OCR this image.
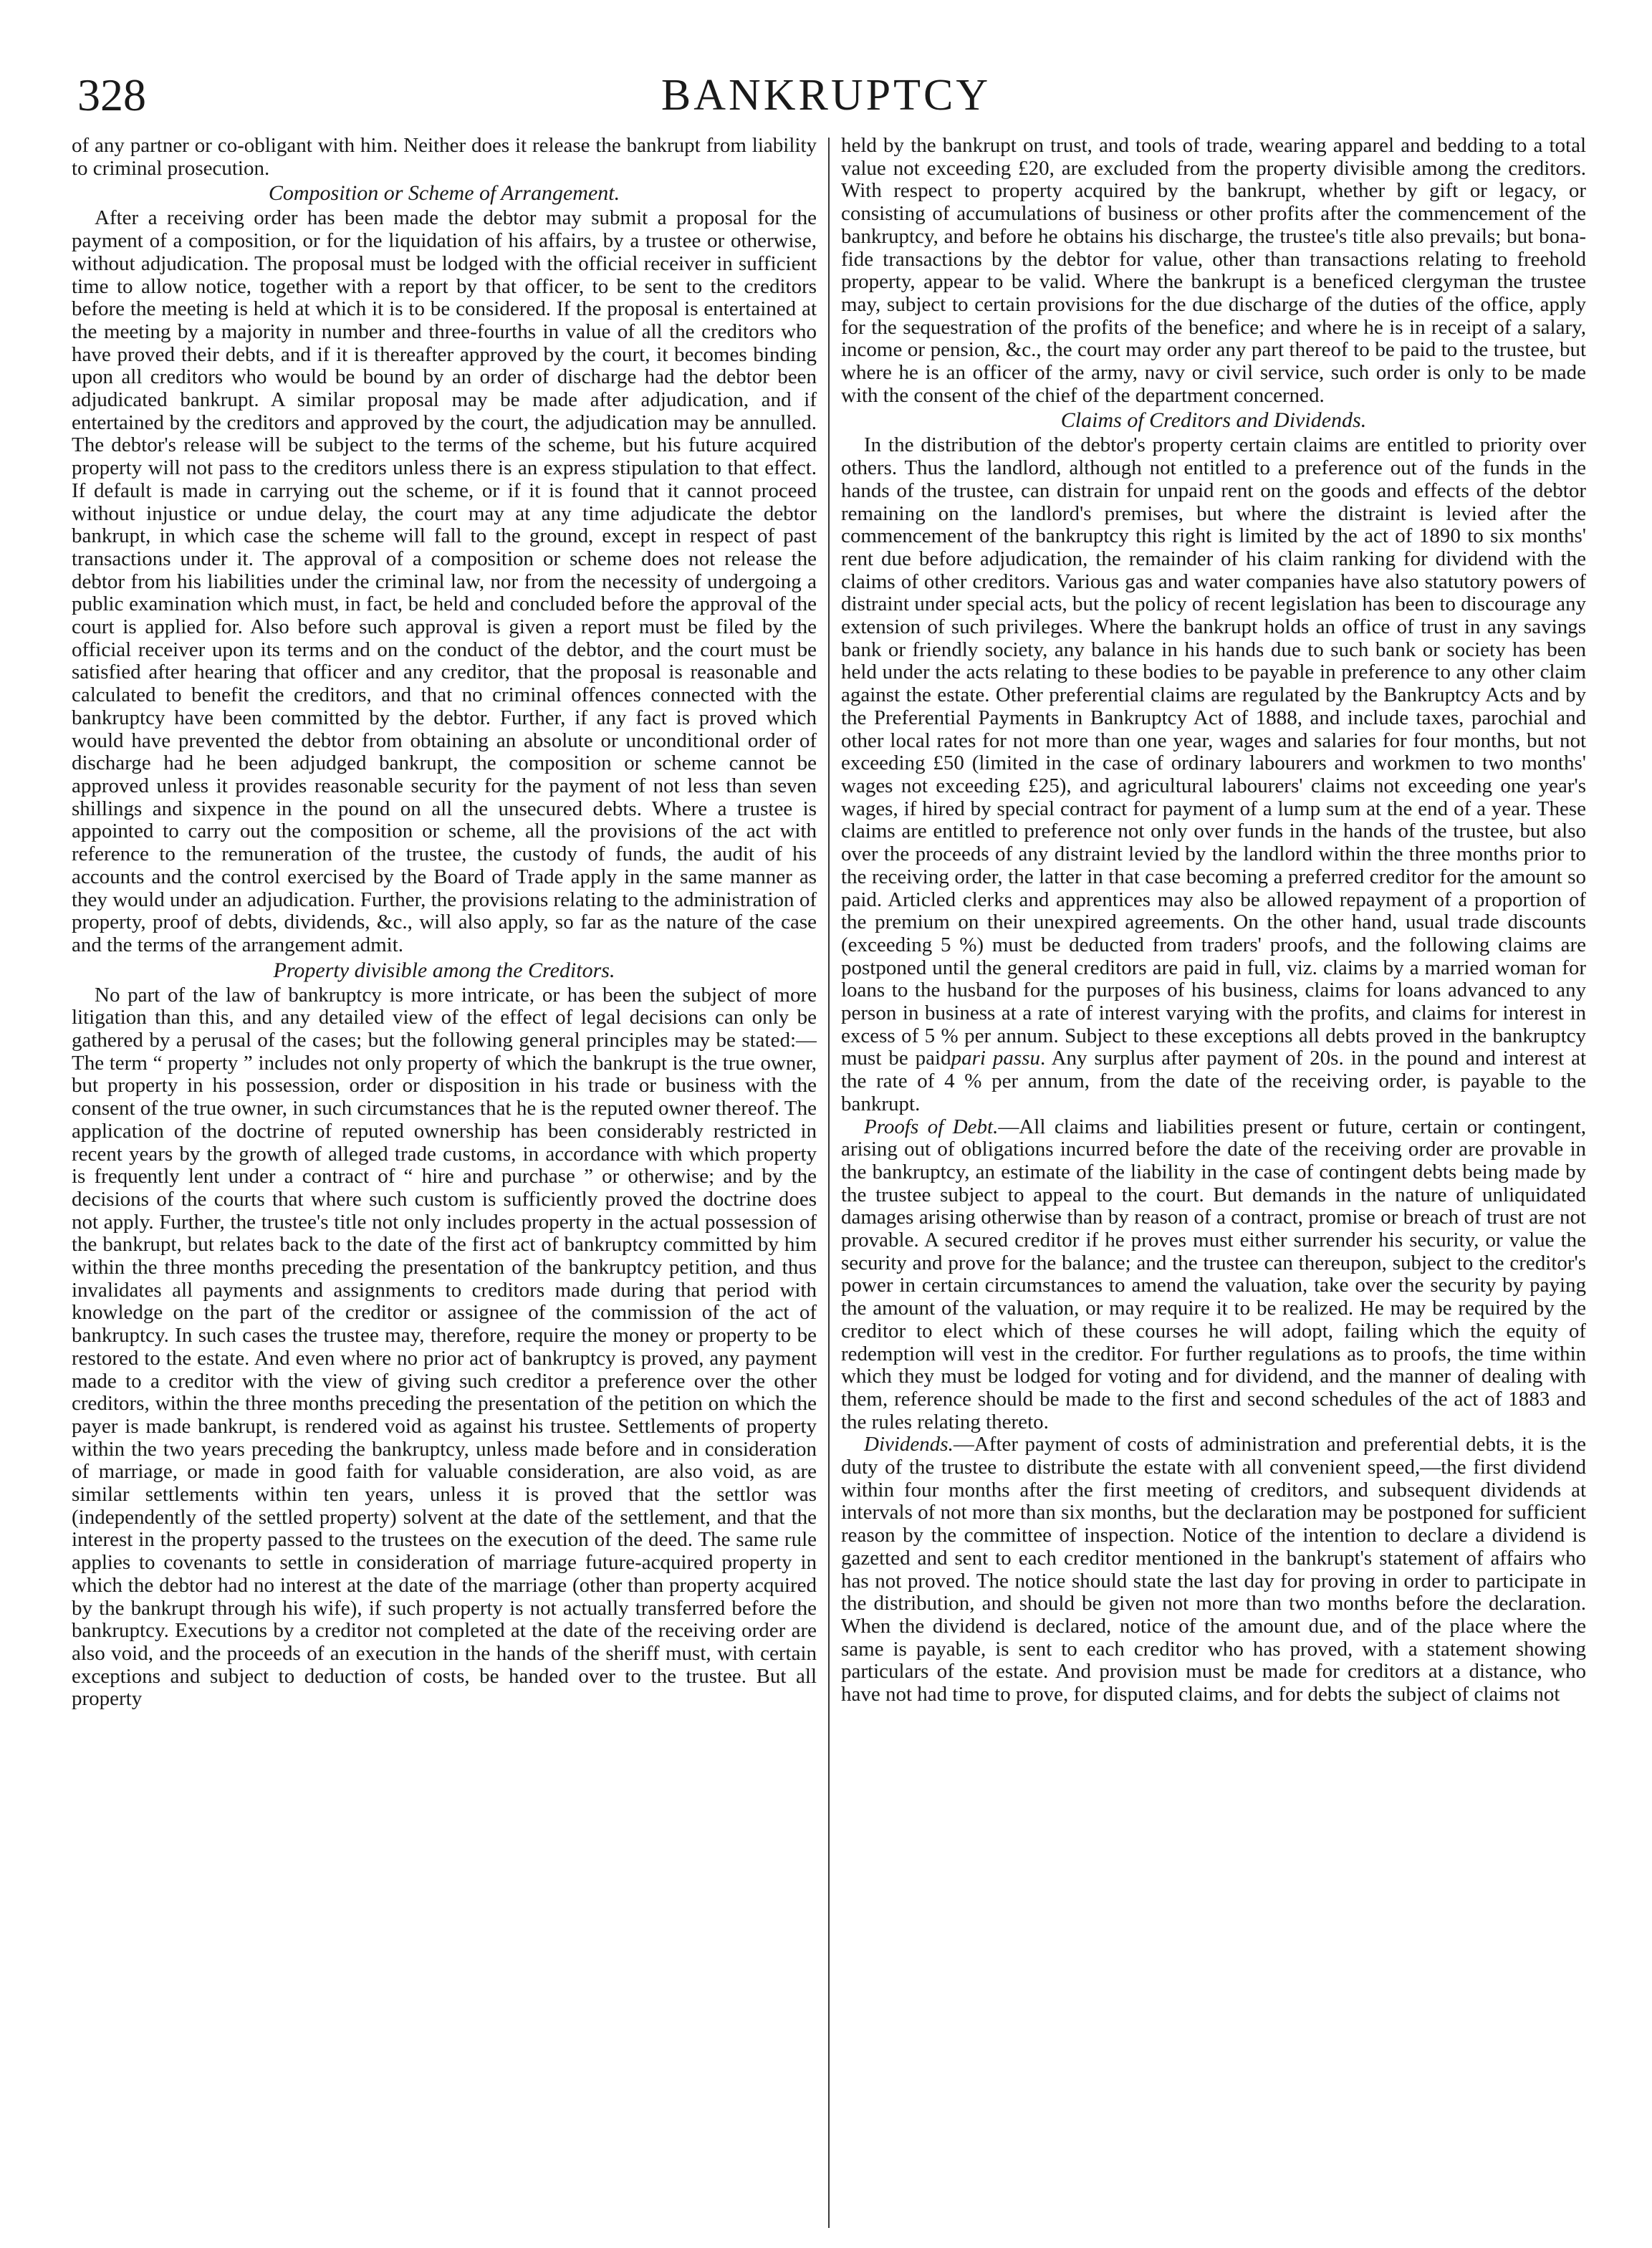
328	BANKRUPTCY

of any partner or co-obligant with him. Neither does it release the bankrupt from liability to criminal prosecution.

Composition or Scheme of Arrangement.

After a receiving order has been made the debtor may submit a proposal for the payment of a composition, or for the liquidation of his affairs, by a trustee or otherwise, without adjudication. The proposal must be lodged with the official receiver in sufficient time to allow notice, together with a report by that officer, to be sent to the creditors before the meeting is held at which it is to be considered. If the proposal is entertained at the meeting by a majority in number and three-fourths in value of all the creditors who have proved their debts, and if it is thereafter approved by the court, it becomes binding upon all creditors who would be bound by an order of discharge had the debtor been adjudicated bankrupt. A similar proposal may be made after adjudication, and if entertained by the creditors and approved by the court, the adjudication may be annulled. The debtor's release will be subject to the terms of the scheme, but his future acquired property will not pass to the creditors unless there is an express stipulation to that effect. If default is made in carrying out the scheme, or if it is found that it cannot proceed without injustice or undue delay, the court may at any time adjudicate the debtor bankrupt, in which case the scheme will fall to the ground, except in respect of past transactions under it. The approval of a composition or scheme does not release the debtor from his liabilities under the criminal law, nor from the necessity of undergoing a public examination which must, in fact, be held and concluded before the approval of the court is applied for. Also before such approval is given a report must be filed by the official receiver upon its terms and on the conduct of the debtor, and the court must be satisfied after hearing that officer and any creditor, that the proposal is reasonable and calculated to benefit the creditors, and that no criminal offences connected with the bankruptcy have been committed by the debtor. Further, if any fact is proved which would have prevented the debtor from obtaining an absolute or unconditional order of discharge had he been adjudged bankrupt, the composition or scheme cannot be approved unless it provides reasonable security for the payment of not less than seven shillings and sixpence in the pound on all the unsecured debts. Where a trustee is appointed to carry out the composition or scheme, all the provisions of the act with reference to the remuneration of the trustee, the custody of funds, the audit of his accounts and the control exercised by the Board of Trade apply in the same manner as they would under an adjudication. Further, the provisions relating to the administration of property, proof of debts, dividends, &c., will also apply, so far as the nature of the case and the terms of the arrangement admit.

Property divisible among the Creditors.

No part of the law of bankruptcy is more intricate, or has been the subject of more litigation than this, and any detailed view of the effect of legal decisions can only be gathered by a perusal of the cases; but the following general principles may be stated:—The term “ property ” includes not only property of which the bankrupt is the true owner, but property in his possession, order or disposition in his trade or business with the consent of the true owner, in such circumstances that he is the reputed owner thereof. The application of the doctrine of reputed ownership has been considerably restricted in recent years by the growth of alleged trade customs, in accordance with which property is frequently lent under a contract of “ hire and purchase ” or otherwise; and by the decisions of the courts that where such custom is sufficiently proved the doctrine does not apply. Further, the trustee's title not only includes property in the actual possession of the bankrupt, but relates back to the date of the first act of bankruptcy committed by him within the three months preceding the presentation of the bankruptcy petition, and thus invalidates all payments and assignments to creditors made during that period with knowledge on the part of the creditor or assignee of the commission of the act of bankruptcy. In such cases the trustee may, therefore, require the money or property to be restored to the estate. And even where no prior act of bankruptcy is proved, any payment made to a creditor with the view of giving such creditor a preference over the other creditors, within the three months preceding the presentation of the petition on which the payer is made bankrupt, is rendered void as against his trustee. Settlements of property within the two years preceding the bankruptcy, unless made before and in consideration of marriage, or made in good faith for valuable consideration, are also void, as are similar settlements within ten years, unless it is proved that the settlor was (independently of the settled property) solvent at the date of the settlement, and that the interest in the property passed to the trustees on the execution of the deed. The same rule applies to covenants to settle in consideration of marriage future-acquired property in which the debtor had no interest at the date of the marriage (other than property acquired by the bankrupt through his wife), if such property is not actually transferred before the bankruptcy. Executions by a creditor not completed at the date of the receiving order are also void, and the proceeds of an execution in the hands of the sheriff must, with certain exceptions and subject to deduction of costs, be handed over to the trustee. But all property

held by the bankrupt on trust, and tools of trade, wearing apparel and bedding to a total value not exceeding £20, are excluded from the property divisible among the creditors. With respect to property acquired by the bankrupt, whether by gift or legacy, or consisting of accumulations of business or other profits after the commencement of the bankruptcy, and before he obtains his discharge, the trustee's title also prevails; but bona-fide transactions by the debtor for value, other than transactions relating to freehold property, appear to be valid. Where the bankrupt is a beneficed clergyman the trustee may, subject to certain provisions for the due discharge of the duties of the office, apply for the sequestration of the profits of the benefice; and where he is in receipt of a salary, income or pension, &c., the court may order any part thereof to be paid to the trustee, but where he is an officer of the army, navy or civil service, such order is only to be made with the consent of the chief of the department concerned.

Claims of Creditors and Dividends.

In the distribution of the debtor's property certain claims are entitled to priority over others. Thus the landlord, although not entitled to a preference out of the funds in the hands of the trustee, can distrain for unpaid rent on the goods and effects of the debtor remaining on the landlord's premises, but where the distraint is levied after the commencement of the bankruptcy this right is limited by the act of 1890 to six months' rent due before adjudication, the remainder of his claim ranking for dividend with the claims of other creditors. Various gas and water companies have also statutory powers of distraint under special acts, but the policy of recent legislation has been to discourage any extension of such privileges. Where the bankrupt holds an office of trust in any savings bank or friendly society, any balance in his hands due to such bank or society has been held under the acts relating to these bodies to be payable in preference to any other claim against the estate. Other preferential claims are regulated by the Bankruptcy Acts and by the Preferential Payments in Bankruptcy Act of 1888, and include taxes, parochial and other local rates for not more than one year, wages and salaries for four months, but not exceeding £50 (limited in the case of ordinary labourers and workmen to two months' wages not exceeding £25), and agricultural labourers' claims not exceeding one year's wages, if hired by special contract for payment of a lump sum at the end of a year. These claims are entitled to preference not only over funds in the hands of the trustee, but also over the proceeds of any distraint levied by the landlord within the three months prior to the receiving order, the latter in that case becoming a preferred creditor for the amount so paid. Articled clerks and apprentices may also be allowed repayment of a proportion of the premium on their unexpired agreements. On the other hand, usual trade discounts (exceeding 5 %) must be deducted from traders' proofs, and the following claims are postponed until the general creditors are paid in full, viz. claims by a married woman for loans to the husband for the purposes of his business, claims for loans advanced to any person in business at a rate of interest varying with the profits, and claims for interest in excess of 5 % per annum. Subject to these exceptions all debts proved in the bankruptcy must be paidpari passu. Any surplus after payment of 20s. in the pound and interest at the rate of 4 % per annum, from the date of the receiving order, is payable to the bankrupt.

Proofs of Debt.—All claims and liabilities present or future, certain or contingent, arising out of obligations incurred before the date of the receiving order are provable in the bankruptcy, an estimate of the liability in the case of contingent debts being made by the trustee subject to appeal to the court. But demands in the nature of unliquidated damages arising otherwise than by reason of a contract, promise or breach of trust are not provable. A secured creditor if he proves must either surrender his security, or value the security and prove for the balance; and the trustee can thereupon, subject to the creditor's power in certain circumstances to amend the valuation, take over the security by paying the amount of the valuation, or may require it to be realized. He may be required by the creditor to elect which of these courses he will adopt, failing which the equity of redemption will vest in the creditor. For further regulations as to proofs, the time within which they must be lodged for voting and for dividend, and the manner of dealing with them, reference should be made to the first and second schedules of the act of 1883 and the rules relating thereto.

Dividends.—After payment of costs of administration and preferential debts, it is the duty of the trustee to distribute the estate with all convenient speed,—the first dividend within four months after the first meeting of creditors, and subsequent dividends at intervals of not more than six months, but the declaration may be postponed for sufficient reason by the committee of inspection. Notice of the intention to declare a dividend is gazetted and sent to each creditor mentioned in the bankrupt's statement of affairs who has not proved. The notice should state the last day for proving in order to participate in the distribution, and should be given not more than two months before the declaration. When the dividend is declared, notice of the amount due, and of the place where the same is payable, is sent to each creditor who has proved, with a statement showing particulars of the estate. And provision must be made for creditors at a distance, who have not had time to prove, for disputed claims, and for debts the subject of claims not
